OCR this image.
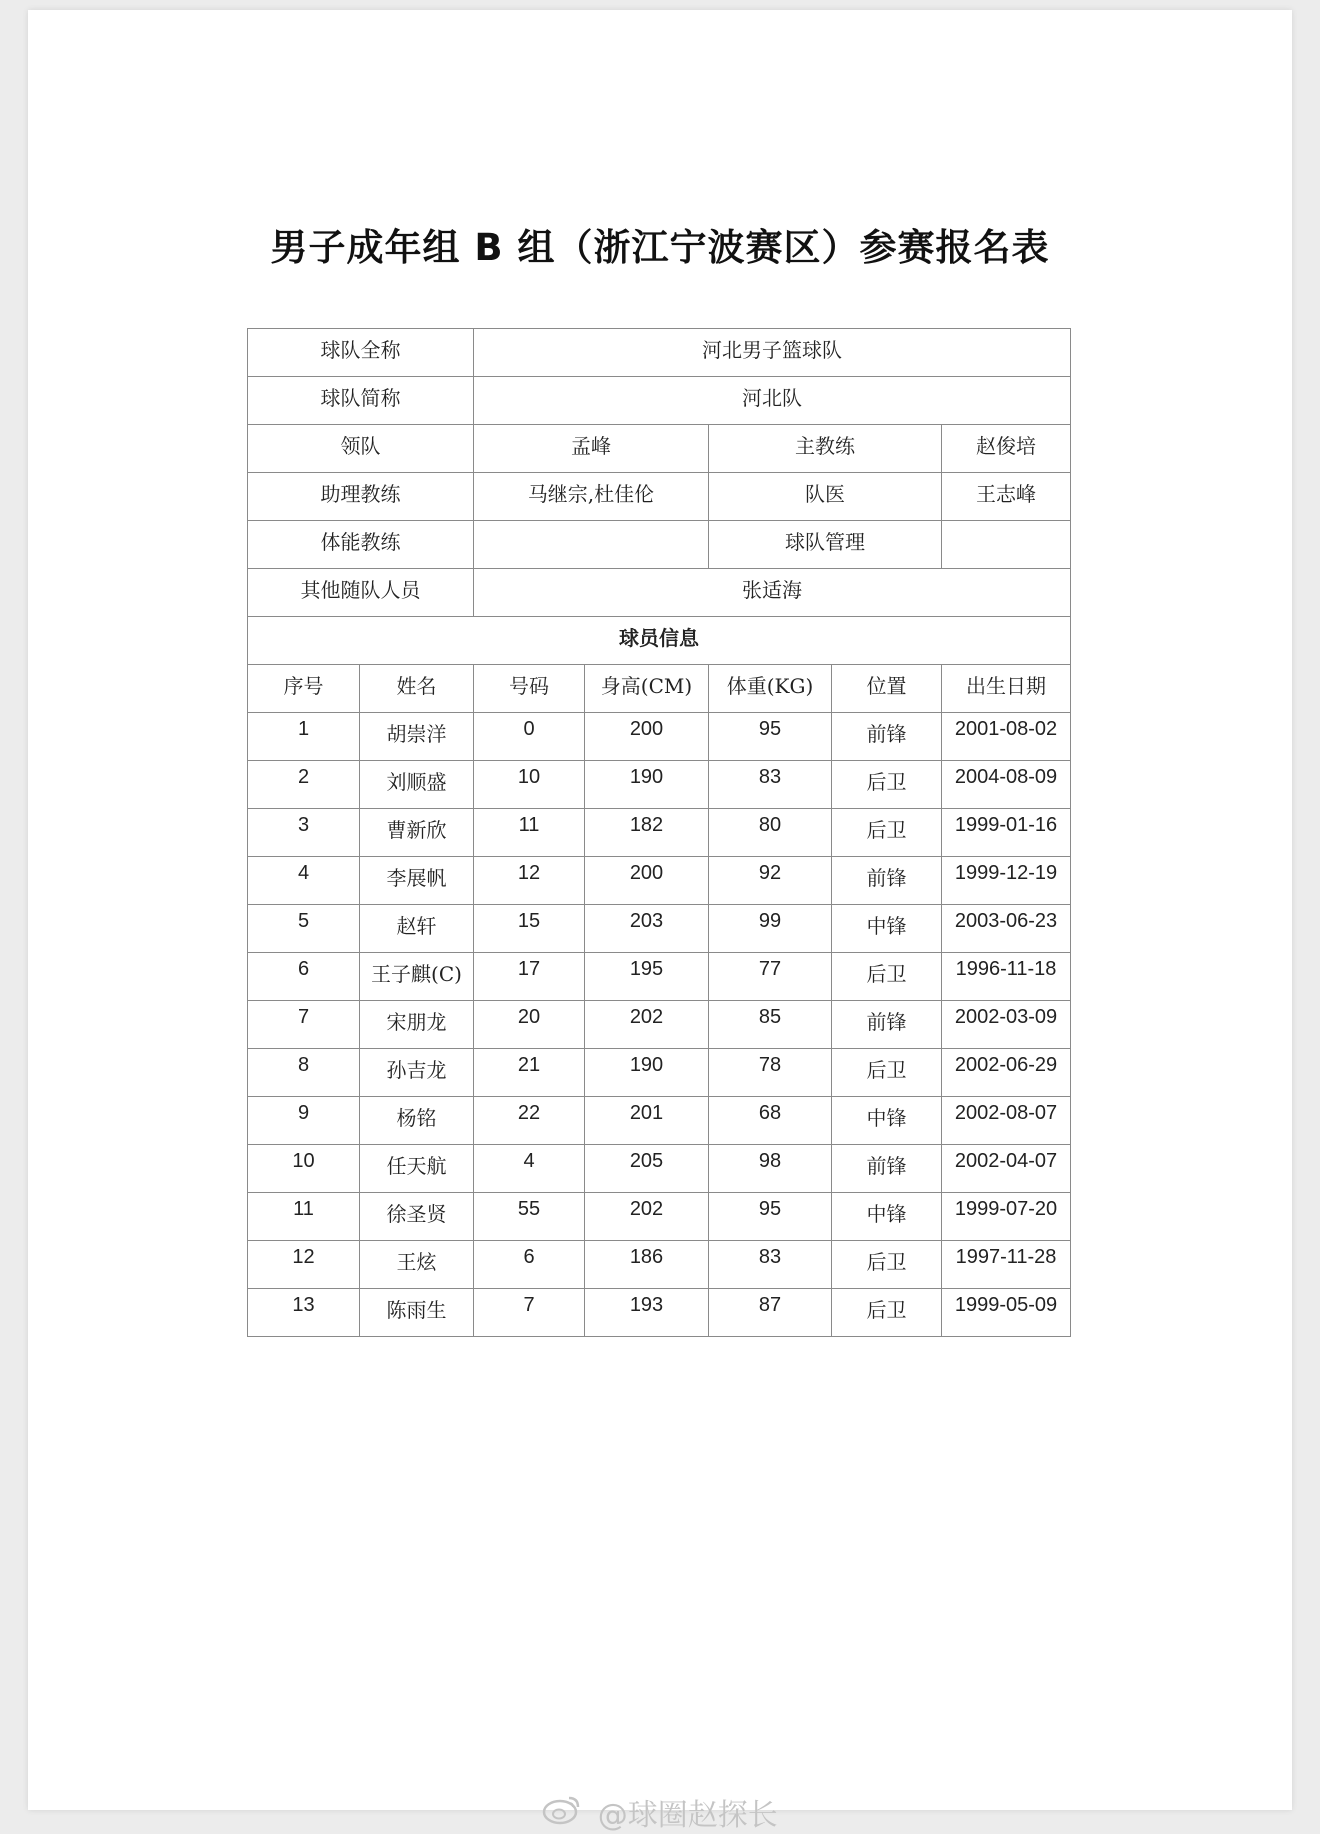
男子成年组 B 组（浙江宁波赛区）参赛报名表
球队全称		河北男子篮球队				
球队简称		河北队				
领队		孟峰		主教练		赵俊培
助理教练		马继宗,杜佳伦		队医		王志峰
体能教练				球队管理		
其他随队人员		张适海				
球员信息						
序号	姓名	号码	身高(CM)	体重(KG)	位置	出生日期
1	胡崇洋	0	200	95	前锋	2001-08-02
2	刘顺盛	10	190	83	后卫	2004-08-09
3	曹新欣	11	182	80	后卫	1999-01-16
4	李展帆	12	200	92	前锋	1999-12-19
5	赵轩	15	203	99	中锋	2003-06-23
6	王子麒(C)	17	195	77	后卫	1996-11-18
7	宋朋龙	20	202	85	前锋	2002-03-09
8	孙吉龙	21	190	78	后卫	2002-06-29
9	杨铭	22	201	68	中锋	2002-08-07
10	任天航	4	205	98	前锋	2002-04-07
11	徐圣贤	55	202	95	中锋	1999-07-20
12	王炫	6	186	83	后卫	1997-11-28
13	陈雨生	7	193	87	后卫	1999-05-09
@球圈赵探长
